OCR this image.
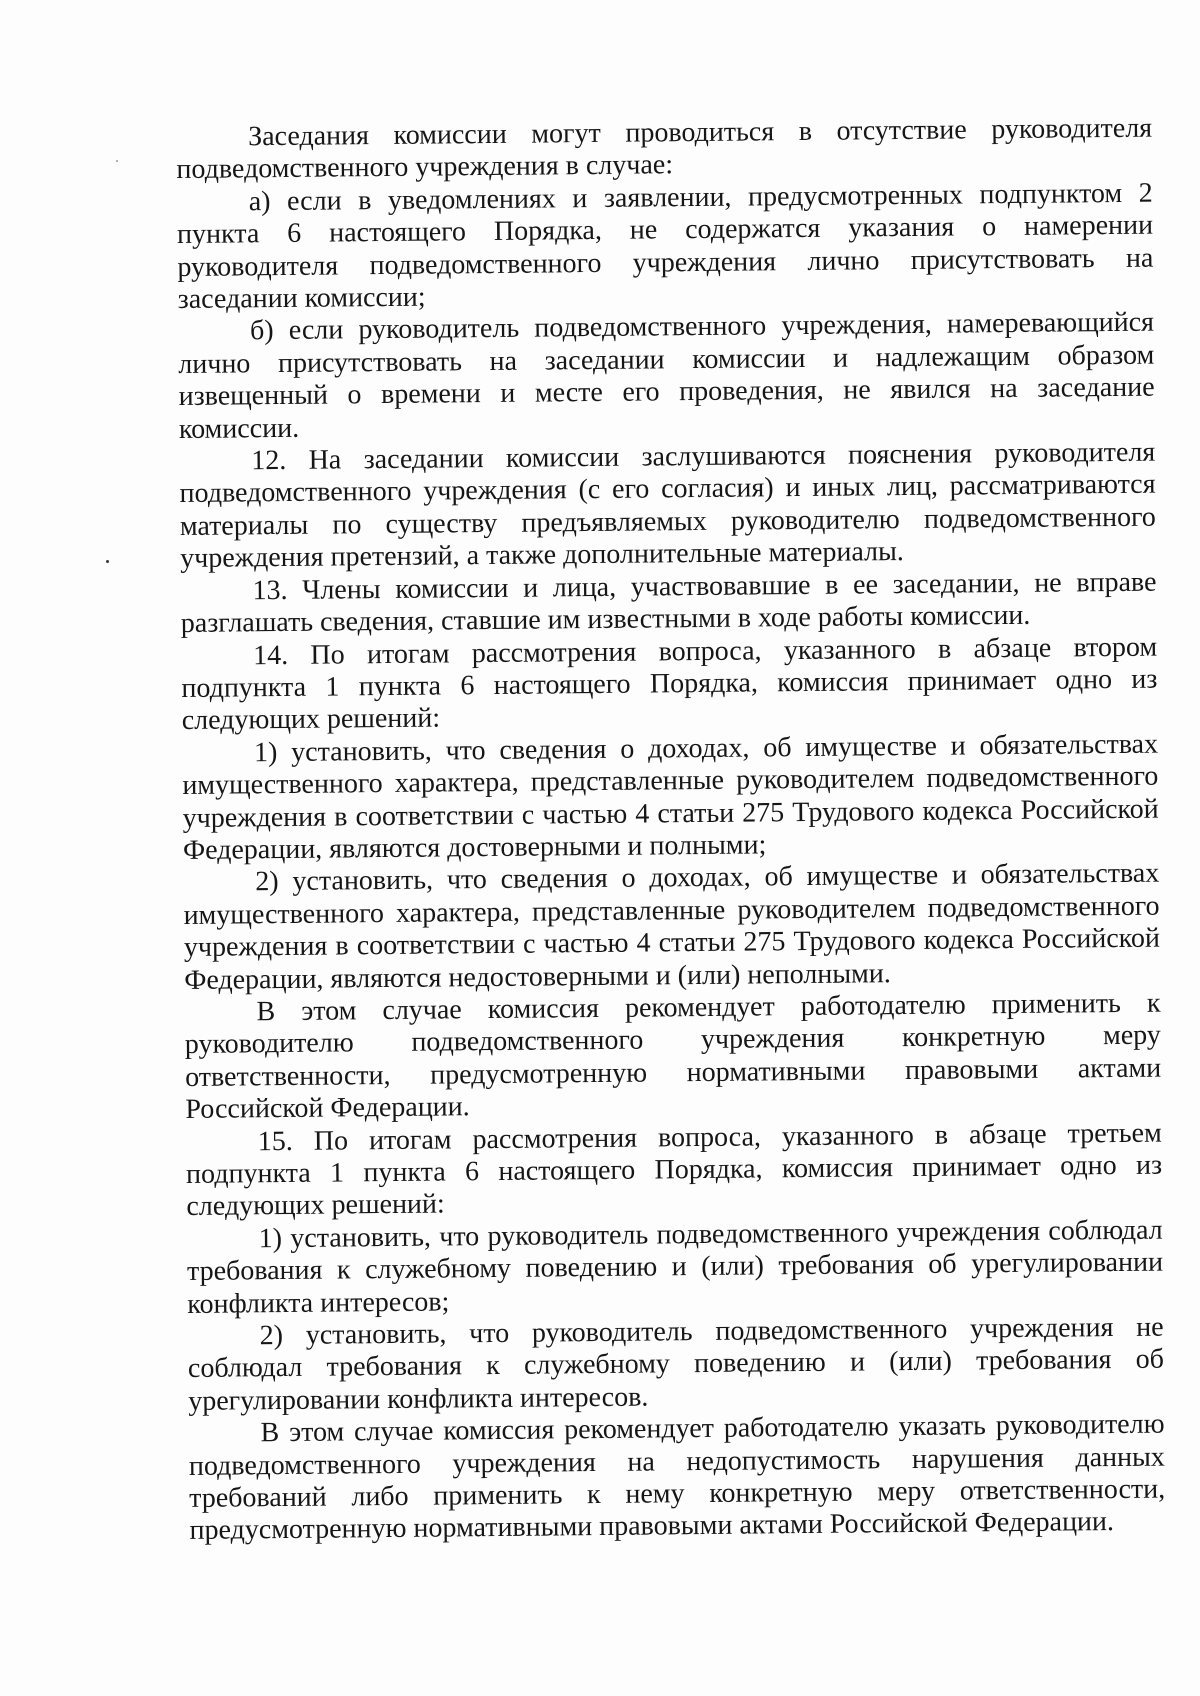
Заседания комиссии могут проводиться в отсутствие руководителя подведомственного учреждения в случае:

а) если в уведомлениях и заявлении, предусмотренных подпунктом 2 пункта 6 настоящего Порядка, не содержатся указания о намерении руководителя подведомственного учреждения лично присутствовать на заседании комиссии;

б) если руководитель подведомственного учреждения, намеревающийся лично присутствовать на заседании комиссии и надлежащим образом извещенный о времени и месте его проведения, не явился на заседание комиссии.

12. На заседании комиссии заслушиваются пояснения руководителя подведомственного учреждения (с его согласия) и иных лиц, рассматриваются материалы по существу предъявляемых руководителю подведомственного учреждения претензий, а также дополнительные материалы.

13. Члены комиссии и лица, участвовавшие в ее заседании, не вправе разглашать сведения, ставшие им известными в ходе работы комиссии.

14. По итогам рассмотрения вопроса, указанного в абзаце втором подпункта 1 пункта 6 настоящего Порядка, комиссия принимает одно из следующих решений:

1) установить, что сведения о доходах, об имуществе и обязательствах имущественного характера, представленные руководителем подведомственного учреждения в соответствии с частью 4 статьи 275 Трудового кодекса Российской Федерации, являются достоверными и полными;

2) установить, что сведения о доходах, об имуществе и обязательствах имущественного характера, представленные руководителем подведомственного учреждения в соответствии с частью 4 статьи 275 Трудового кодекса Российской Федерации, являются недостоверными и (или) неполными.

В этом случае комиссия рекомендует работодателю применить к руководителю подведомственного учреждения конкретную меру ответственности, предусмотренную нормативными правовыми актами Российской Федерации.

15. По итогам рассмотрения вопроса, указанного в абзаце третьем подпункта 1 пункта 6 настоящего Порядка, комиссия принимает одно из следующих решений:

1) установить, что руководитель подведомственного учреждения соблюдал требования к служебному поведению и (или) требования об урегулировании конфликта интересов;

2) установить, что руководитель подведомственного учреждения не соблюдал требования к служебному поведению и (или) требования об урегулировании конфликта интересов.

В этом случае комиссия рекомендует работодателю указать руководителю подведомственного учреждения на недопустимость нарушения данных требований либо применить к нему конкретную меру ответственности, предусмотренную нормативными правовыми актами Российской Федерации.
